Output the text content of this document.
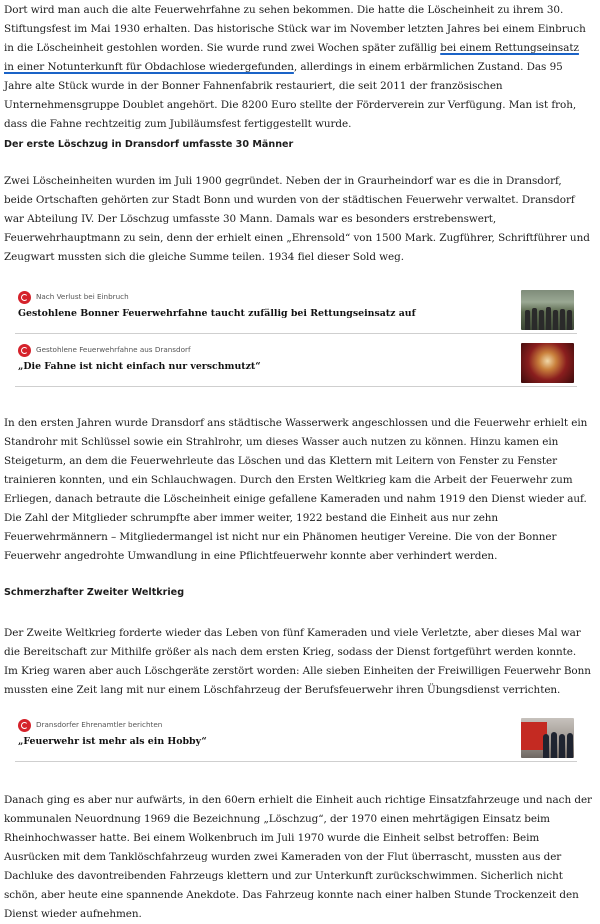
Dort wird man auch die alte Feuerwehrfahne zu sehen bekommen. Die hatte die Löscheinheit zu ihrem 30. Stiftungsfest im Mai 1930 erhalten. Das historische Stück war im November letzten Jahres bei einem Einbruch in die Löscheinheit gestohlen worden. Sie wurde rund zwei Wochen später zufällig bei einem Rettungseinsatz in einer Notunterkunft für Obdachlose wiedergefunden, allerdings in einem erbärmlichen Zustand. Das 95 Jahre alte Stück wurde in der Bonner Fahnenfabrik restauriert, die seit 2011 der französischen Unternehmensgruppe Doublet angehört. Die 8200 Euro stellte der Förderverein zur Verfügung. Man ist froh, dass die Fahne rechtzeitig zum Jubiläumsfest fertiggestellt wurde.

Der erste Löschzug in Dransdorf umfasste 30 Männer

Zwei Löscheinheiten wurden im Juli 1900 gegründet. Neben der in Graurheindorf war es die in Dransdorf, beide Ortschaften gehörten zur Stadt Bonn und wurden von der städtischen Feuerwehr verwaltet. Dransdorf war Abteilung IV. Der Löschzug umfasste 30 Mann. Damals war es besonders erstrebenswert, Feuerwehrhauptmann zu sein, denn der erhielt einen „Ehrensold“ von 1500 Mark. Zugführer, Schriftführer und Zeugwart mussten sich die gleiche Summe teilen. 1934 fiel dieser Sold weg.

Nach Verlust bei Einbruch
Gestohlene Bonner Feuerwehrfahne taucht zufällig bei Rettungseinsatz auf
Gestohlene Feuerwehrfahne aus Dransdorf
„Die Fahne ist nicht einfach nur verschmutzt“

In den ersten Jahren wurde Dransdorf ans städtische Wasserwerk angeschlossen und die Feuerwehr erhielt ein Standrohr mit Schlüssel sowie ein Strahlrohr, um dieses Wasser auch nutzen zu können. Hinzu kamen ein Steigeturm, an dem die Feuerwehrleute das Löschen und das Klettern mit Leitern von Fenster zu Fenster trainieren konnten, und ein Schlauchwagen. Durch den Ersten Weltkrieg kam die Arbeit der Feuerwehr zum Erliegen, danach betraute die Löscheinheit einige gefallene Kameraden und nahm 1919 den Dienst wieder auf. Die Zahl der Mitglieder schrumpfte aber immer weiter, 1922 bestand die Einheit aus nur zehn Feuerwehrmännern – Mitgliedermangel ist nicht nur ein Phänomen heutiger Vereine. Die von der Bonner Feuerwehr angedrohte Umwandlung in eine Pflichtfeuerwehr konnte aber verhindert werden.

Schmerzhafter Zweiter Weltkrieg

Der Zweite Weltkrieg forderte wieder das Leben von fünf Kameraden und viele Verletzte, aber dieses Mal war die Bereitschaft zur Mithilfe größer als nach dem ersten Krieg, sodass der Dienst fortgeführt werden konnte. Im Krieg waren aber auch Löschgeräte zerstört worden: Alle sieben Einheiten der Freiwilligen Feuerwehr Bonn mussten eine Zeit lang mit nur einem Löschfahrzeug der Berufsfeuerwehr ihren Übungsdienst verrichten.

Dransdorfer Ehrenamtler berichten
„Feuerwehr ist mehr als ein Hobby“

Danach ging es aber nur aufwärts, in den 60ern erhielt die Einheit auch richtige Einsatzfahrzeuge und nach der kommunalen Neuordnung 1969 die Bezeichnung „Löschzug“, der 1970 einen mehrtägigen Einsatz beim Rheinhochwasser hatte. Bei einem Wolkenbruch im Juli 1970 wurde die Einheit selbst betroffen: Beim Ausrücken mit dem Tanklöschfahrzeug wurden zwei Kameraden von der Flut überrascht, mussten aus der Dachluke des davontreibenden Fahrzeugs klettern und zur Unterkunft zurückschwimmen. Sicherlich nicht schön, aber heute eine spannende Anekdote. Das Fahrzeug konnte nach einer halben Stunde Trockenzeit den Dienst wieder aufnehmen.
